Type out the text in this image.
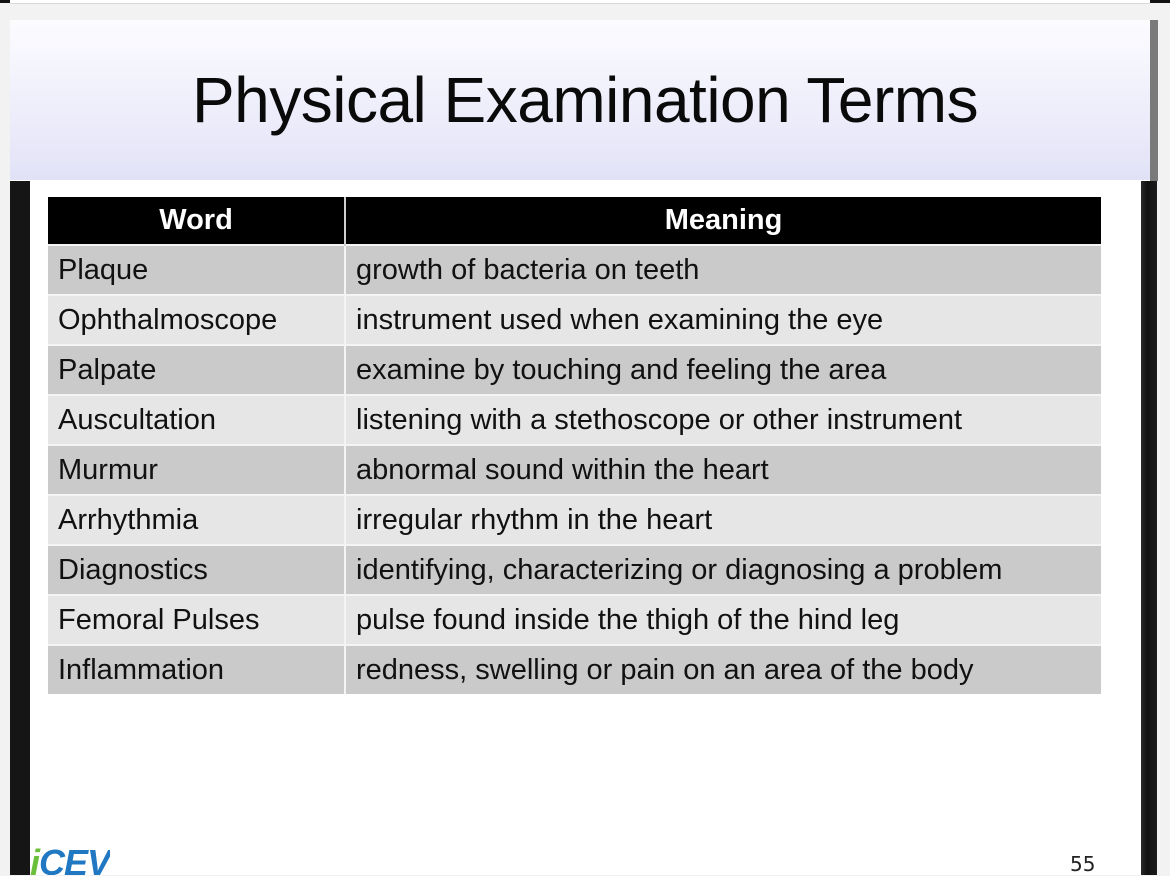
Physical Examination Terms
Word	Meaning
Plaque	growth of bacteria on teeth
Ophthalmoscope	instrument used when examining the eye
Palpate	examine by touching and feeling the area
Auscultation	listening with a stethoscope or other instrument
Murmur	abnormal sound within the heart
Arrhythmia	irregular rhythm in the heart
Diagnostics	identifying, characterizing or diagnosing a problem
Femoral Pulses	pulse found inside the thigh of the hind leg
Inflammation	redness, swelling or pain on an area of the body
iCEV	55
